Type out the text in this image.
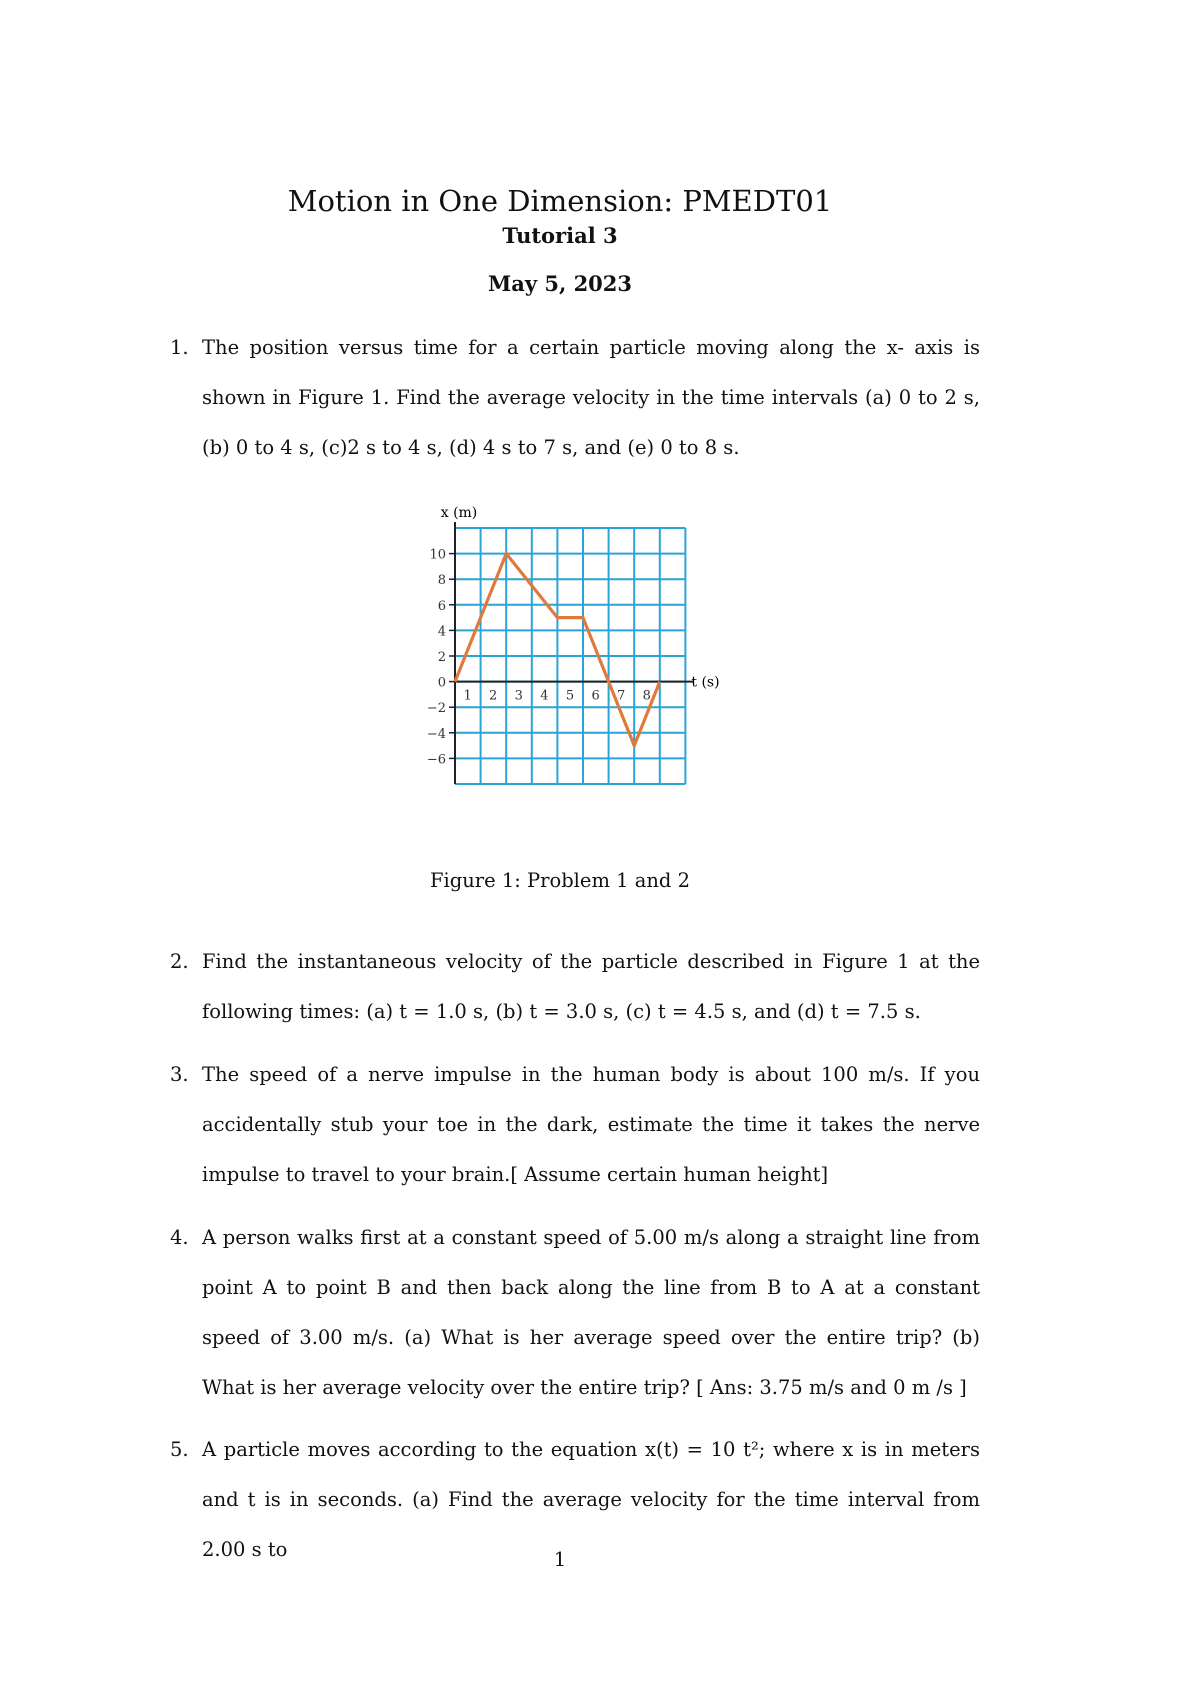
Motion in One Dimension: PMEDT01
Tutorial 3
May 5, 2023
1. The position versus time for a certain particle moving along the x- axis is shown in Figure 1. Find the average velocity in the time intervals (a) 0 to 2 s, (b) 0 to 4 s, (c)2 s to 4 s, (d) 4 s to 7 s, and (e) 0 to 8 s.
1 2 3 4 5 6 7 8
10
8
6
4
2
0
−2
−4
−6
x (m)
t (s)
Figure 1: Problem 1 and 2
2. Find the instantaneous velocity of the particle described in Figure 1 at the following times: (a) t = 1.0 s, (b) t = 3.0 s, (c) t = 4.5 s, and (d) t = 7.5 s.
3. The speed of a nerve impulse in the human body is about 100 m/s. If you accidentally stub your toe in the dark, estimate the time it takes the nerve impulse to travel to your brain.[ Assume certain human height]
4. A person walks first at a constant speed of 5.00 m/s along a straight line from point A to point B and then back along the line from B to A at a constant speed of 3.00 m/s. (a) What is her average speed over the entire trip? (b) What is her average velocity over the entire trip? [ Ans: 3.75 m/s and 0 m /s ]
5. A particle moves according to the equation x(t) = 10 t²; where x is in meters and t is in seconds. (a) Find the average velocity for the time interval from 2.00 s to	1
